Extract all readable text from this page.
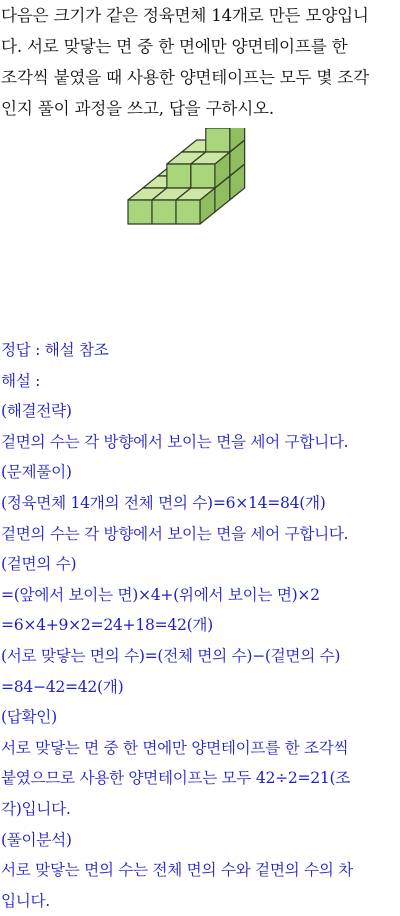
다음은 크기가 같은 정육면체 14개로 만든 모양입니
다. 서로 맞닿는 면 중 한 면에만 양면테이프를 한
조각씩 붙였을 때 사용한 양면테이프는 모두 몇 조각
인지 풀이 과정을 쓰고, 답을 구하시오.
정답 : 해설 참조
해설 :
(해결전략)
겉면의 수는 각 방향에서 보이는 면을 세어 구합니다.
(문제풀이)
(정육면체 14개의 전체 면의 수)=6×14=84(개)
겉면의 수는 각 방향에서 보이는 면을 세어 구합니다.
(겉면의 수)
=(앞에서 보이는 면)×4+(위에서 보이는 면)×2
=6×4+9×2=24+18=42(개)
(서로 맞닿는 면의 수)=(전체 면의 수)−(겉면의 수)
=84−42=42(개)
(답확인)
서로 맞닿는 면 중 한 면에만 양면테이프를 한 조각씩
붙였으므로 사용한 양면테이프는 모두 42÷2=21(조
각)입니다.
(풀이분석)
서로 맞닿는 면의 수는 전체 면의 수와 겉면의 수의 차
입니다.
